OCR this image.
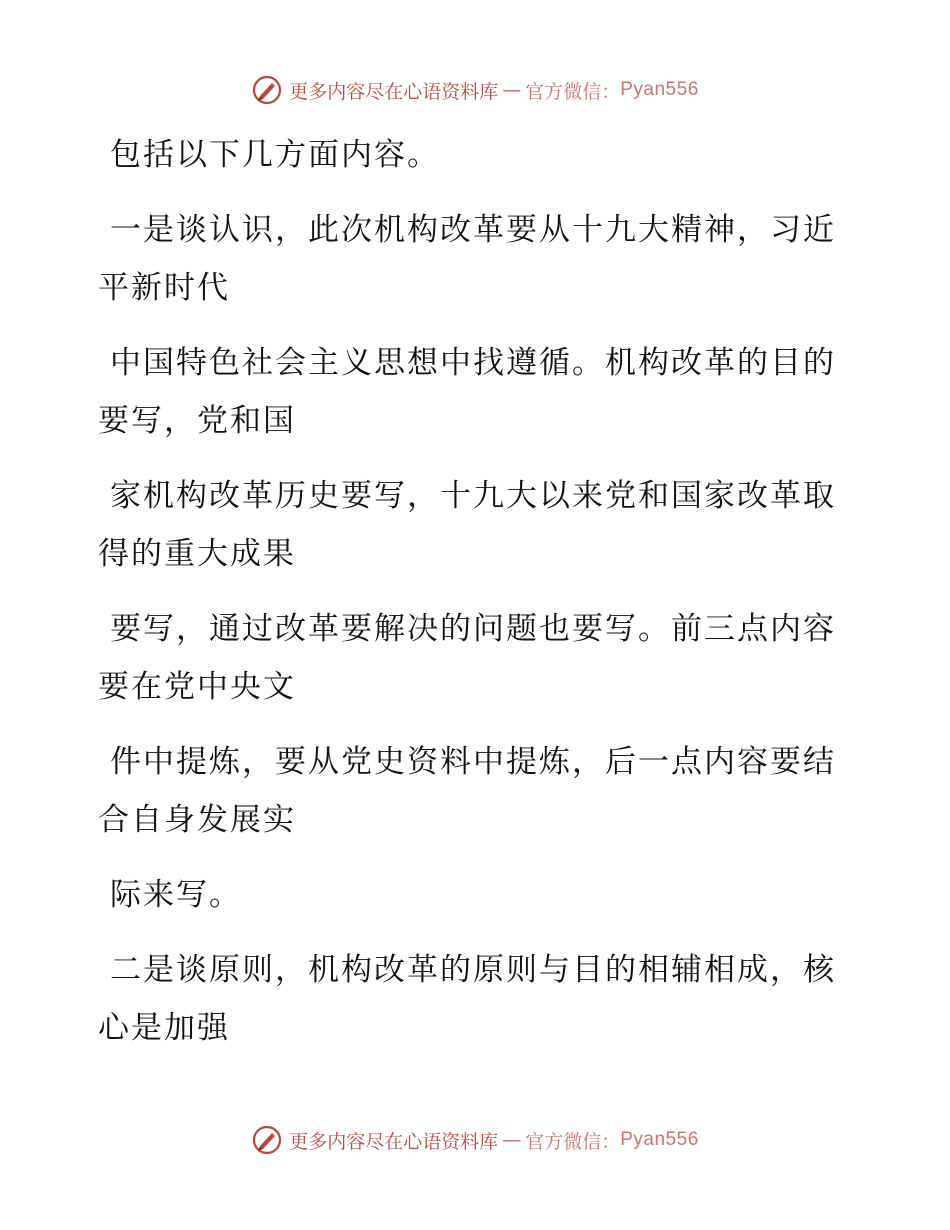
更多内容尽在心语资料库 — 官方微信： Pyan556

包括以下几方面内容。

一是谈认识，此次机构改革要从十九大精神，习近平新时代

中国特色社会主义思想中找遵循。机构改革的目的要写，党和国

家机构改革历史要写，十九大以来党和国家改革取得的重大成果

要写，通过改革要解决的问题也要写。前三点内容要在党中央文

件中提炼，要从党史资料中提炼，后一点内容要结合自身发展实

际来写。

二是谈原则，机构改革的原则与目的相辅相成，核心是加强

更多内容尽在心语资料库 — 官方微信： Pyan556
